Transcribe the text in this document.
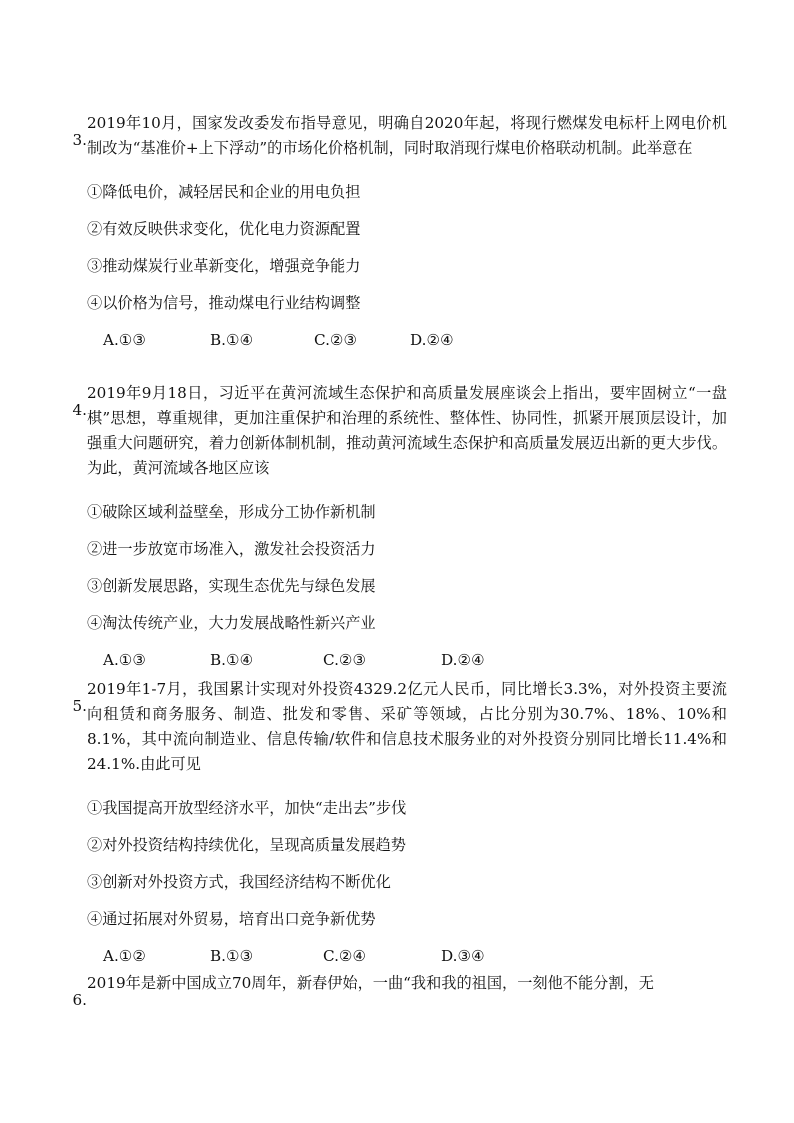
3.
2019年10月，国家发改委发布指导意见，明确自2020年起，将现行燃煤发电标杆上网电价机制改为“基准价+上下浮动”的市场化价格机制，同时取消现行煤电价格联动机制。此举意在

①降低电价，减轻居民和企业的用电负担

②有效反映供求变化，优化电力资源配置

③推动煤炭行业革新变化，增强竞争能力

④以价格为信号，推动煤电行业结构调整

A.①③	B.①④	C.②③	D.②④

4.
2019年9月18日，习近平在黄河流域生态保护和高质量发展座谈会上指出，要牢固树立“一盘棋”思想，尊重规律，更加注重保护和治理的系统性、整体性、协同性，抓紧开展顶层设计，加强重大问题研究，着力创新体制机制，推动黄河流域生态保护和高质量发展迈出新的更大步伐。为此，黄河流域各地区应该

①破除区域利益壁垒，形成分工协作新机制

②进一步放宽市场准入，激发社会投资活力

③创新发展思路，实现生态优先与绿色发展

④淘汰传统产业，大力发展战略性新兴产业

A.①③	B.①④	C.②③	D.②④

5.
2019年1-7月，我国累计实现对外投资4329.2亿元人民币，同比增长3.3%，对外投资主要流向租赁和商务服务、制造、批发和零售、采矿等领域，占比分别为30.7%、18%、10%和8.1%，其中流向制造业、信息传输/软件和信息技术服务业的对外投资分别同比增长11.4%和24.1%.由此可见

①我国提高开放型经济水平，加快“走出去”步伐

②对外投资结构持续优化，呈现高质量发展趋势

③创新对外投资方式，我国经济结构不断优化

④通过拓展对外贸易，培育出口竞争新优势

A.①②	B.①③	C.②④	D.③④

6.
2019年是新中国成立70周年，新春伊始，一曲“我和我的祖国，一刻他不能分割，无
